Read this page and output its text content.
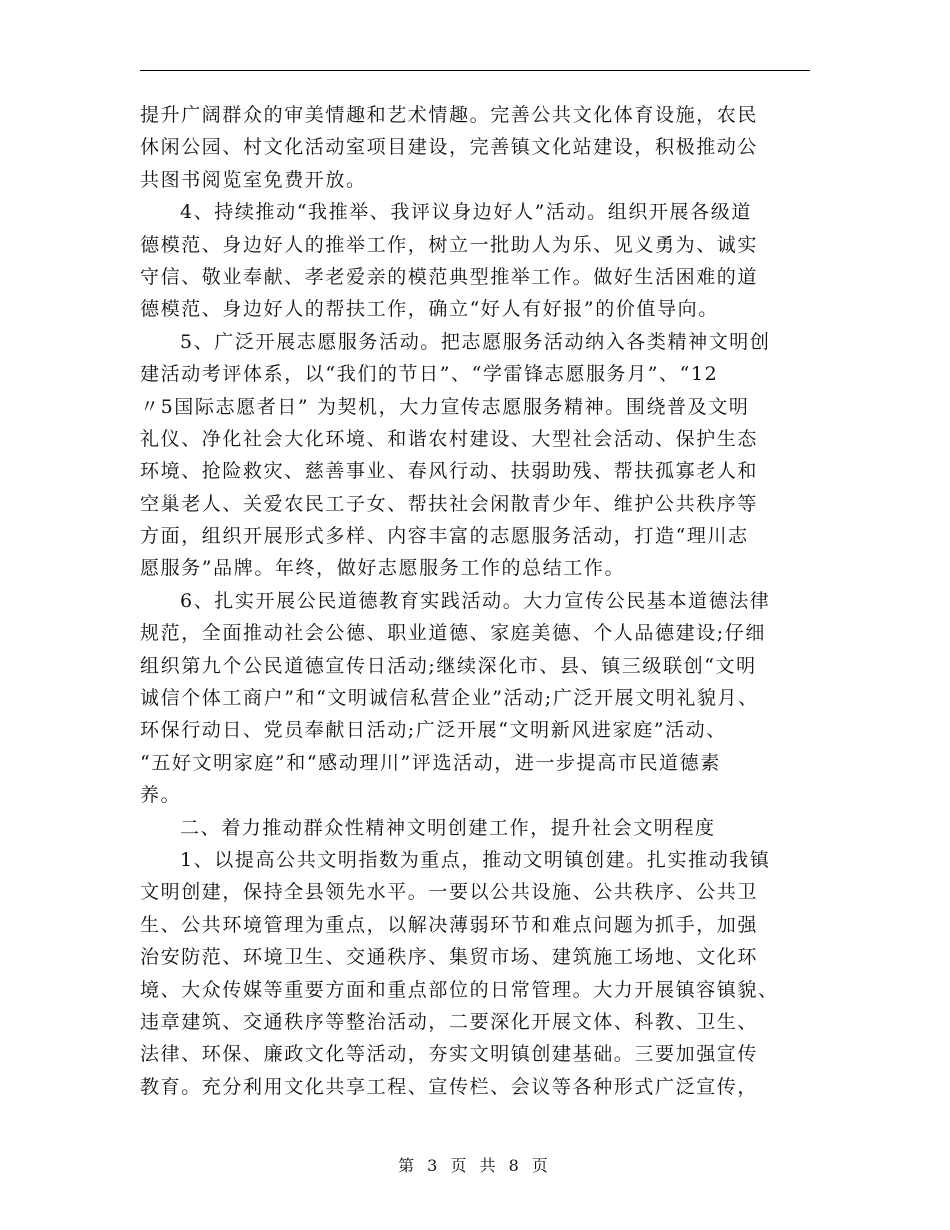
提升广阔群众的审美情趣和艺术情趣。完善公共文化体育设施，农民
休闲公园、村文化活动室项目建设，完善镇文化站建设，积极推动公
共图书阅览室免费开放。
4、持续推动“我推举、我评议身边好人”活动。组织开展各级道
德模范、身边好人的推举工作，树立一批助人为乐、见义勇为、诚实
守信、敬业奉献、孝老爱亲的模范典型推举工作。做好生活困难的道
德模范、身边好人的帮扶工作，确立“好人有好报”的价值导向。
5、广泛开展志愿服务活动。把志愿服务活动纳入各类精神文明创
建活动考评体系，以“我们的节日”、“学雷锋志愿服务月”、“12
〃5国际志愿者日” 为契机，大力宣传志愿服务精神。围绕普及文明
礼仪、净化社会大化环境、和谐农村建设、大型社会活动、保护生态
环境、抢险救灾、慈善事业、春风行动、扶弱助残、帮扶孤寡老人和
空巢老人、关爱农民工子女、帮扶社会闲散青少年、维护公共秩序等
方面，组织开展形式多样、内容丰富的志愿服务活动，打造“理川志
愿服务”品牌。年终，做好志愿服务工作的总结工作。
6、扎实开展公民道德教育实践活动。大力宣传公民基本道德法律
规范，全面推动社会公德、职业道德、家庭美德、个人品德建设;仔细
组织第九个公民道德宣传日活动;继续深化市、县、镇三级联创“文明
诚信个体工商户”和“文明诚信私营企业”活动;广泛开展文明礼貌月、
环保行动日、党员奉献日活动;广泛开展“文明新风进家庭”活动、
“五好文明家庭”和“感动理川”评选活动，进一步提高市民道德素
养。
二、着力推动群众性精神文明创建工作，提升社会文明程度
1、以提高公共文明指数为重点，推动文明镇创建。扎实推动我镇
文明创建，保持全县领先水平。一要以公共设施、公共秩序、公共卫
生、公共环境管理为重点，以解决薄弱环节和难点问题为抓手，加强
治安防范、环境卫生、交通秩序、集贸市场、建筑施工场地、文化环
境、大众传媒等重要方面和重点部位的日常管理。大力开展镇容镇貌、
违章建筑、交通秩序等整治活动，二要深化开展文体、科教、卫生、
法律、环保、廉政文化等活动，夯实文明镇创建基础。三要加强宣传
教育。充分利用文化共享工程、宣传栏、会议等各种形式广泛宣传，
第 3 页 共 8 页
